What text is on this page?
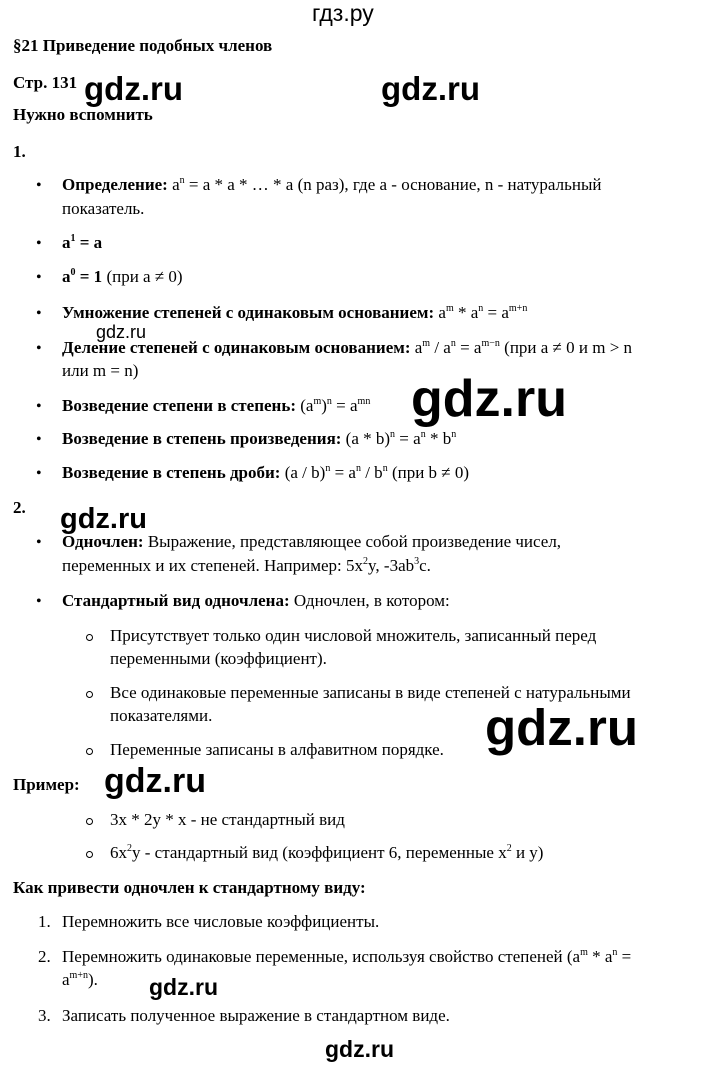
гдз.ру
gdz.ru	gdz.ru
gdz.ru
gdz.ru
gdz.ru
gdz.ru
gdz.ru
gdz.ru
gdz.ru
§21 Приведение подобных членов
Стр. 131
Нужно вспомнить
1.
• Определение: $a^n = a * a$ * … * a (n раз), где a - основание, n - натуральный
показатель.
• $a^1 = a$
• $a^0 = 1$ (при a ≠ 0)
• Умножение степеней с одинаковым основанием: $a^m * a^n = a^{m+n}$
• Деление степеней с одинаковым основанием: $a^m / a^n = a^{m-n}$ (при a ≠ 0 и m > n
или m = n)
• Возведение степени в степень: $(a^m)^n = a^{mn}$
• Возведение в степень произведения: $(a * b)^n = a^n * b^n$
• Возведение в степень дроби: $(a / b)^n = a^n / b^n$ (при b ≠ 0)
2.
• Одночлен: Выражение, представляющее собой произведение чисел,
переменных и их степеней. Например: $5x^2y$, $-3ab^3c$.
• Стандартный вид одночлена: Одночлен, в котором:
Присутствует только один числовой множитель, записанный перед
переменными (коэффициент).
Все одинаковые переменные записаны в виде степеней с натуральными
показателями.
Переменные записаны в алфавитном порядке.
Пример:
3x * 2y * x - не стандартный вид
$6x^2y$ - стандартный вид (коэффициент 6, переменные $x^2$ и y)
Как привести одночлен к стандартному виду:
1. Перемножить все числовые коэффициенты.
2. Перемножить одинаковые переменные, используя свойство степеней ($a^m * a^n$ =
$a^{m+n}$).
3. Записать полученное выражение в стандартном виде.
